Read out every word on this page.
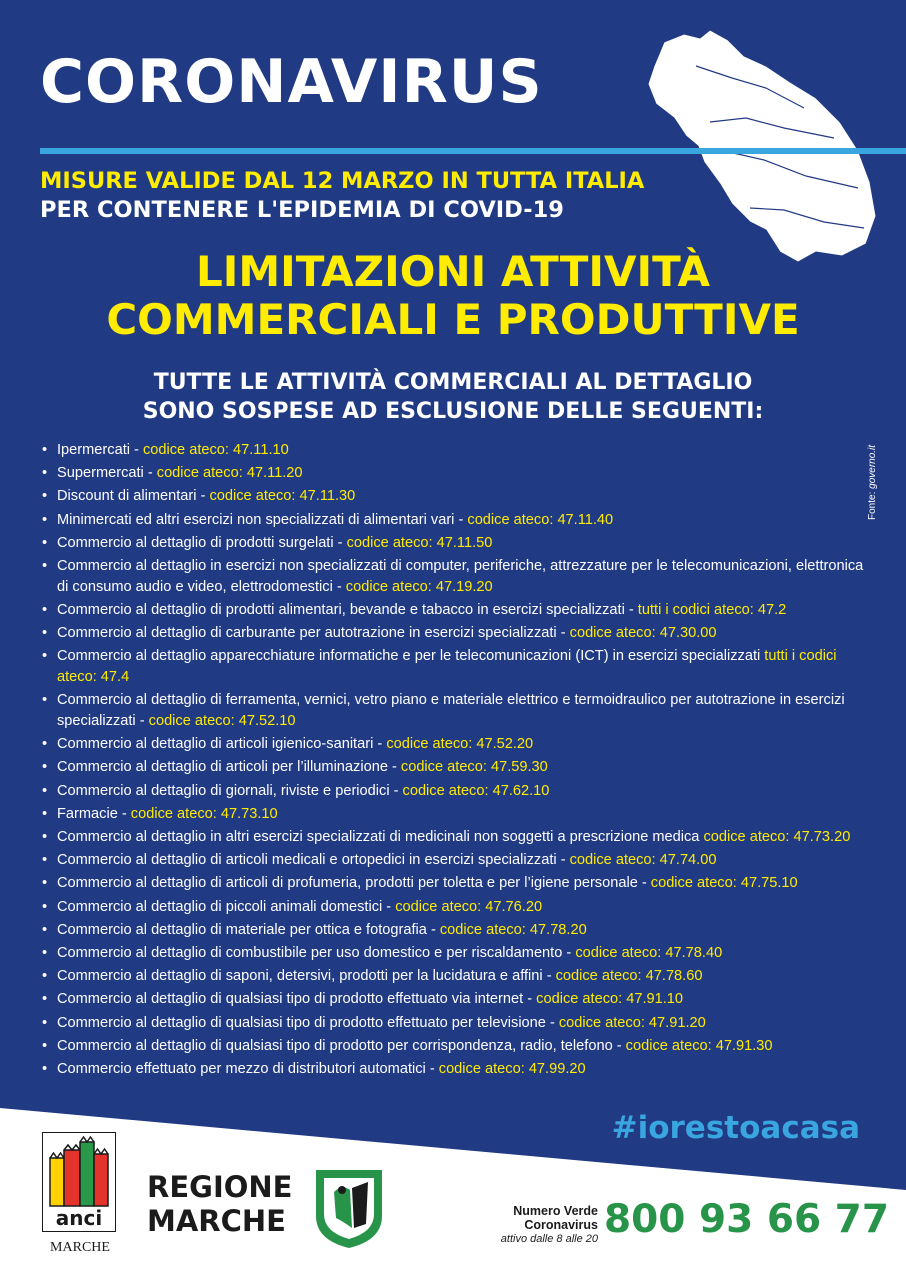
CORONAVIRUS
MISURE VALIDE DAL 12 MARZO IN TUTTA ITALIA
PER CONTENERE L'EPIDEMIA DI COVID-19
LIMITAZIONI ATTIVITÀ
COMMERCIALI E PRODUTTIVE
TUTTE LE ATTIVITÀ COMMERCIALI AL DETTAGLIO
SONO SOSPESE AD ESCLUSIONE DELLE SEGUENTI:
Fonte: governo.it
• Ipermercati - codice ateco: 47.11.10
• Supermercati - codice ateco: 47.11.20
• Discount di alimentari - codice ateco: 47.11.30
• Minimercati ed altri esercizi non specializzati di alimentari vari - codice ateco: 47.11.40
• Commercio al dettaglio di prodotti surgelati - codice ateco: 47.11.50
• Commercio al dettaglio in esercizi non specializzati di computer, periferiche, attrezzature per le telecomunicazioni, elettronica di consumo audio e video, elettrodomestici - codice ateco: 47.19.20
• Commercio al dettaglio di prodotti alimentari, bevande e tabacco in esercizi specializzati - tutti i codici ateco: 47.2
• Commercio al dettaglio di carburante per autotrazione in esercizi specializzati - codice ateco: 47.30.00
• Commercio al dettaglio apparecchiature informatiche e per le telecomunicazioni (ICT) in esercizi specializzati tutti i codici ateco: 47.4
• Commercio al dettaglio di ferramenta, vernici, vetro piano e materiale elettrico e termoidraulico per autotrazione in esercizi specializzati - codice ateco: 47.52.10
• Commercio al dettaglio di articoli igienico-sanitari - codice ateco: 47.52.20
• Commercio al dettaglio di articoli per l’illuminazione - codice ateco: 47.59.30
• Commercio al dettaglio di giornali, riviste e periodici - codice ateco: 47.62.10
• Farmacie - codice ateco: 47.73.10
• Commercio al dettaglio in altri esercizi specializzati di medicinali non soggetti a prescrizione medica codice ateco: 47.73.20
• Commercio al dettaglio di articoli medicali e ortopedici in esercizi specializzati - codice ateco: 47.74.00
• Commercio al dettaglio di articoli di profumeria, prodotti per toletta e per l’igiene personale - codice ateco: 47.75.10
• Commercio al dettaglio di piccoli animali domestici - codice ateco: 47.76.20
• Commercio al dettaglio di materiale per ottica e fotografia - codice ateco: 47.78.20
• Commercio al dettaglio di combustibile per uso domestico e per riscaldamento - codice ateco: 47.78.40
• Commercio al dettaglio di saponi, detersivi, prodotti per la lucidatura e affini - codice ateco: 47.78.60
• Commercio al dettaglio di qualsiasi tipo di prodotto effettuato via internet - codice ateco: 47.91.10
• Commercio al dettaglio di qualsiasi tipo di prodotto effettuato per televisione - codice ateco: 47.91.20
• Commercio al dettaglio di qualsiasi tipo di prodotto per corrispondenza, radio, telefono - codice ateco: 47.91.30
• Commercio effettuato per mezzo di distributori automatici - codice ateco: 47.99.20
#iorestoacasa
anci
MARCHE
REGIONE
MARCHE	Numero Verde
Coronavirus
attivo dalle 8 alle 20 800 93 66 77
